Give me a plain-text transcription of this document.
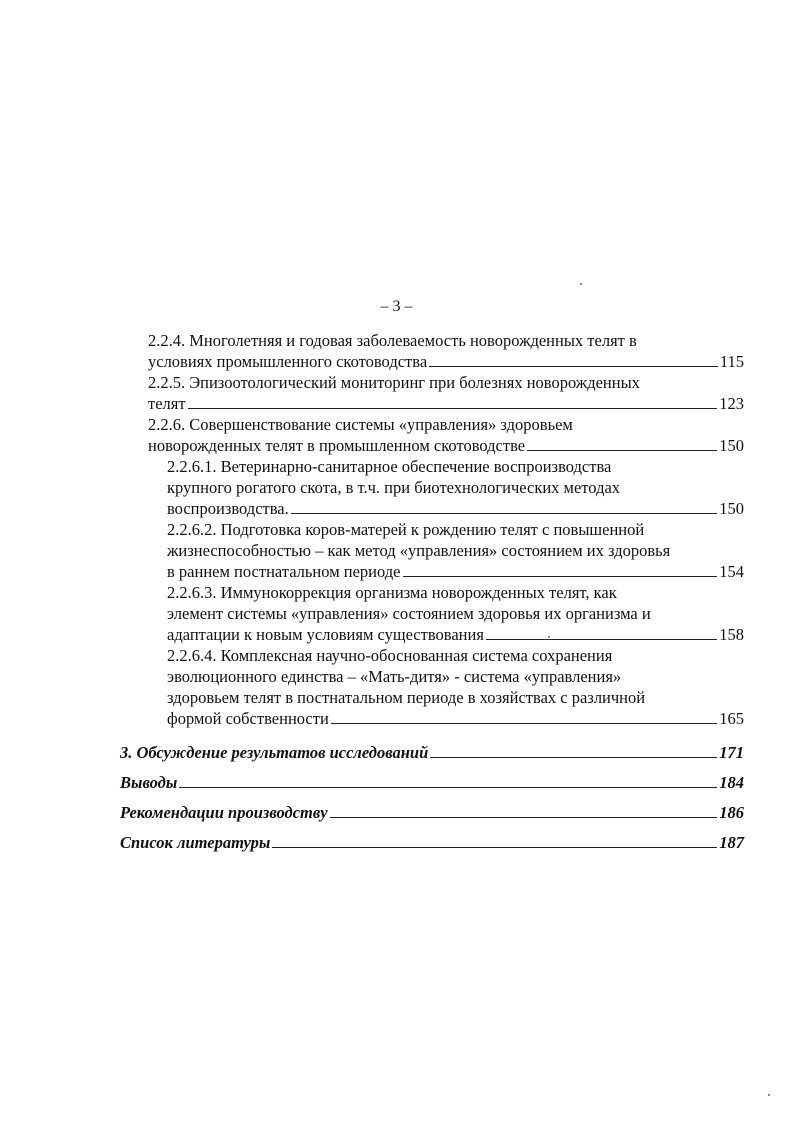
– 3 –
2.2.4. Многолетняя и годовая заболеваемость новорожденных телят в
условиях промышленного скотоводства	115
2.2.5. Эпизоотологический мониторинг при болезнях новорожденных
телят	123
2.2.6. Совершенствование системы «управления» здоровьем
новорожденных телят в промышленном скотоводстве	150
2.2.6.1. Ветеринарно-санитарное обеспечение воспроизводства
крупного рогатого скота, в т.ч. при биотехнологических методах
воспроизводства.	150
2.2.6.2. Подготовка коров-матерей к рождению телят с повышенной
жизнеспособностью – как метод «управления» состоянием их здоровья
в раннем постнатальном периоде	154
2.2.6.3. Иммунокоррекция организма новорожденных телят, как
элемент системы «управления» состоянием здоровья их организма и
адаптации к новым условиям существования	158
2.2.6.4. Комплексная научно-обоснованная система сохранения
эволюционного единства – «Мать-дитя» - система «управления»
здоровьем телят в постнатальном периоде в хозяйствах с различной
формой собственности	165
3. Обсуждение результатов исследований	171
Выводы	184
Рекомендации производству	186
Список литературы	187
